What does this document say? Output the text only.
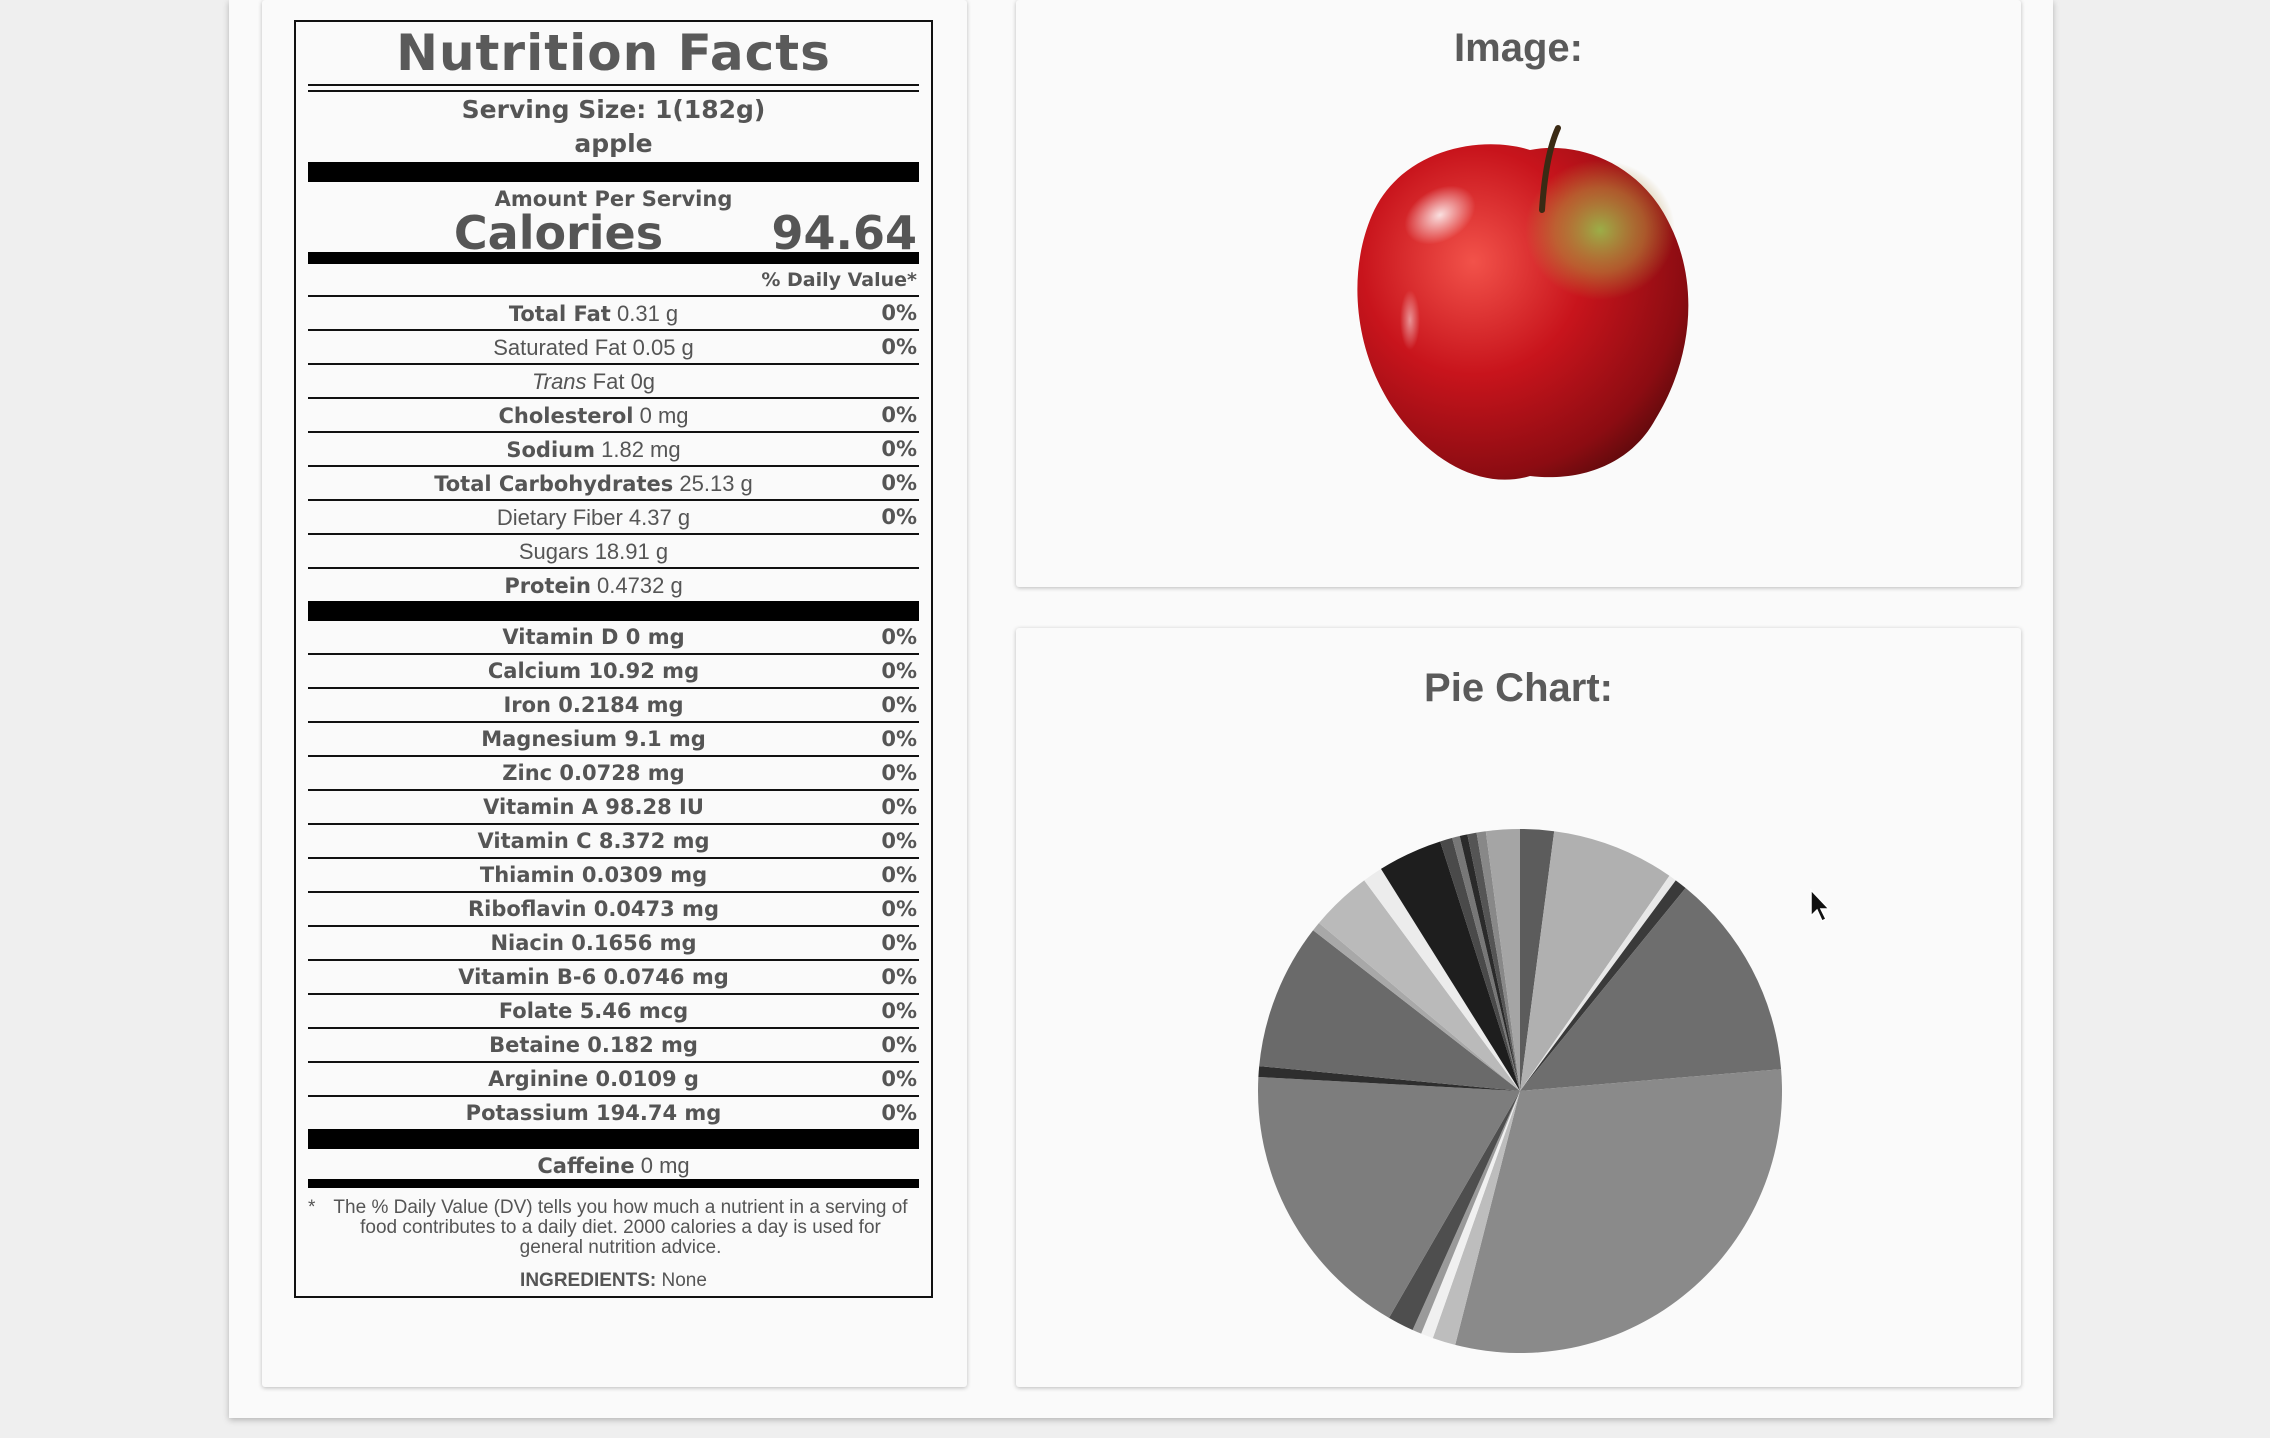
Image:
Pie Chart:
Nutrition Facts
Serving Size: 1(182g)
apple
Amount Per Serving
Calories	94.64
% Daily Value*
Total Fat 0.31 g	0%
Saturated Fat 0.05 g	0%
Trans Fat 0g
Cholesterol 0 mg	0%
Sodium 1.82 mg	0%
Total Carbohydrates 25.13 g	0%
Dietary Fiber 4.37 g	0%
Sugars 18.91 g
Protein 0.4732 g
Vitamin D 0 mg	0%
Calcium 10.92 mg	0%
Iron 0.2184 mg	0%
Magnesium 9.1 mg	0%
Zinc 0.0728 mg	0%
Vitamin A 98.28 IU	0%
Vitamin C 8.372 mg	0%
Thiamin 0.0309 mg	0%
Riboflavin 0.0473 mg	0%
Niacin 0.1656 mg	0%
Vitamin B-6 0.0746 mg	0%
Folate 5.46 mcg	0%
Betaine 0.182 mg	0%
Arginine 0.0109 g	0%
Potassium 194.74 mg	0%
Caffeine 0 mg
* The % Daily Value (DV) tells you how much a nutrient in a serving of food contributes to a daily diet. 2000 calories a day is used for general nutrition advice.
INGREDIENTS: None
